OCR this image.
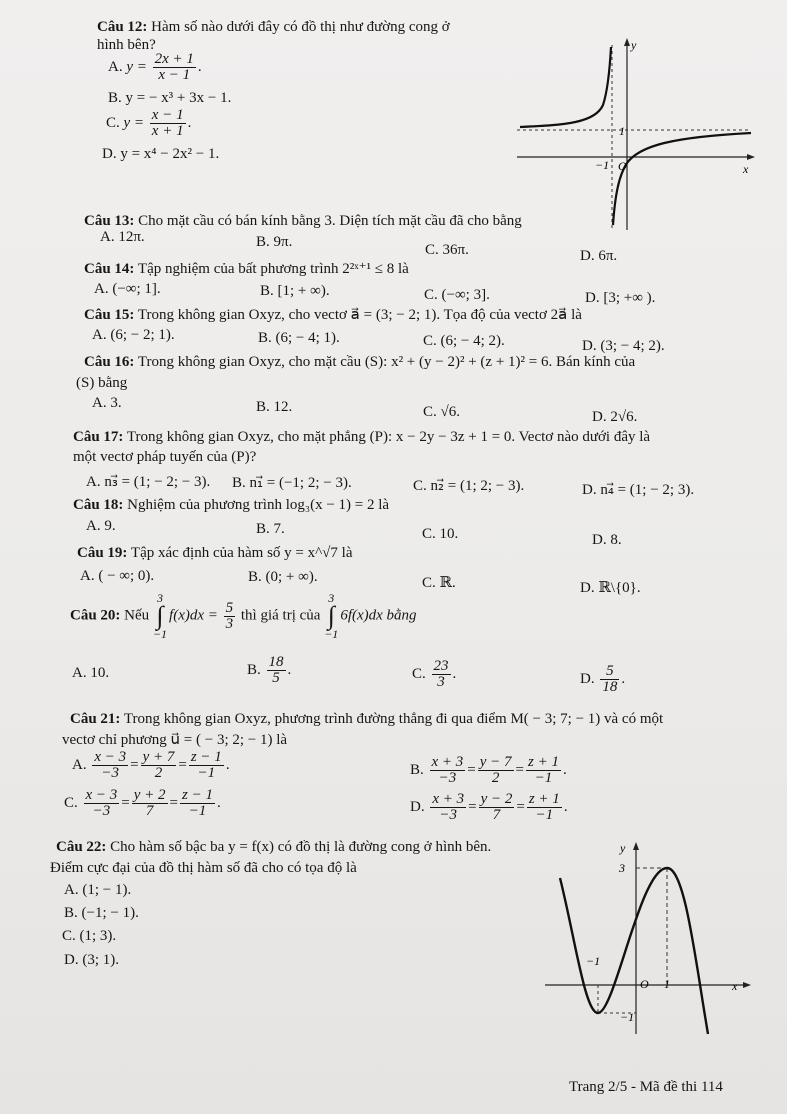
Câu 12: Hàm số nào dưới đây có đồ thị như đường cong ở
hình bên?
A. $y = \frac{2x + 1}{x - 1}$ .
B. y = − x³ + 3x − 1.
C. $y = \frac{x - 1}{x + 1}$ .
D. y = x⁴ − 2x² − 1.
y
x
1
−1 O
Câu 13: Cho mặt cầu có bán kính bằng 3. Diện tích mặt cầu đã cho bằng
A. 12π.	B. 9π.	C. 36π.	D. 6π.
Câu 14: Tập nghiệm của bất phương trình 2²ˣ⁺¹ ≤ 8 là
A. (−∞; 1].	B. [1; + ∞).	C. (−∞; 3].	D. [3; +∞ ).
Câu 15: Trong không gian Oxyz, cho vectơ a⃗ = (3; − 2; 1). Tọa độ của vectơ 2a⃗ là
A. (6; − 2; 1).	B. (6; − 4; 1).	C. (6; − 4; 2).	D. (3; − 4; 2).
Câu 16: Trong không gian Oxyz, cho mặt cầu (S): x² + (y − 2)² + (z + 1)² = 6. Bán kính của
(S) bằng
A. 3.	B. 12.	C. √6.	D. 2√6.
Câu 17: Trong không gian Oxyz, cho mặt phẳng (P): x − 2y − 3z + 1 = 0. Vectơ nào dưới đây là
một vectơ pháp tuyến của (P)?
A. n₃⃗ = (1; − 2; − 3). B. n₁⃗ = (−1; 2; − 3).	C. n₂⃗ = (1; 2; − 3).	D. n₄⃗ = (1; − 2; 3).
Câu 18: Nghiệm của phương trình log₃(x − 1) = 2 là
A. 9.	B. 7.	C. 10.	D. 8.
Câu 19: Tập xác định của hàm số y = x^√7 là
A. ( − ∞; 0).	B. (0; + ∞).	C. ℝ.	D. ℝ\{0}.
Câu 20: Nếu
3
∫
−1
$f(x)dx = \frac{5}{3}$ thì giá trị của
3
∫
−1
6f(x)dx bằng
A. 10.	B. $\frac{18}{5}$ .	C. $\frac{23}{3}$ .	D. $\frac{5}{18}$ .
Câu 21: Trong không gian Oxyz, phương trình đường thẳng đi qua điểm M( − 3; 7; − 1) và có một
vectơ chỉ phương u⃗ = ( − 3; 2; − 1) là
A. $\frac{x - 3}{-3} = \frac{y + 7}{2} = \frac{z - 1}{-1}$ .	B. $\frac{x + 3}{-3} = \frac{y - 7}{2} = \frac{z + 1}{-1}$ .
C. $\frac{x - 3}{-3} = \frac{y + 2}{7} = \frac{z - 1}{-1}$ .	D. $\frac{x + 3}{-3} = \frac{y - 2}{7} = \frac{z + 1}{-1}$ .
Câu 22: Cho hàm số bậc ba y = f(x) có đồ thị là đường cong ở hình bên.
Điểm cực đại của đồ thị hàm số đã cho có tọa độ là
A. (1; − 1).
B. (−1; − 1).
C. (1; 3).
D. (3; 1).
y
x
3
1
−1
−1
O
Trang 2/5 - Mã đề thi 114
